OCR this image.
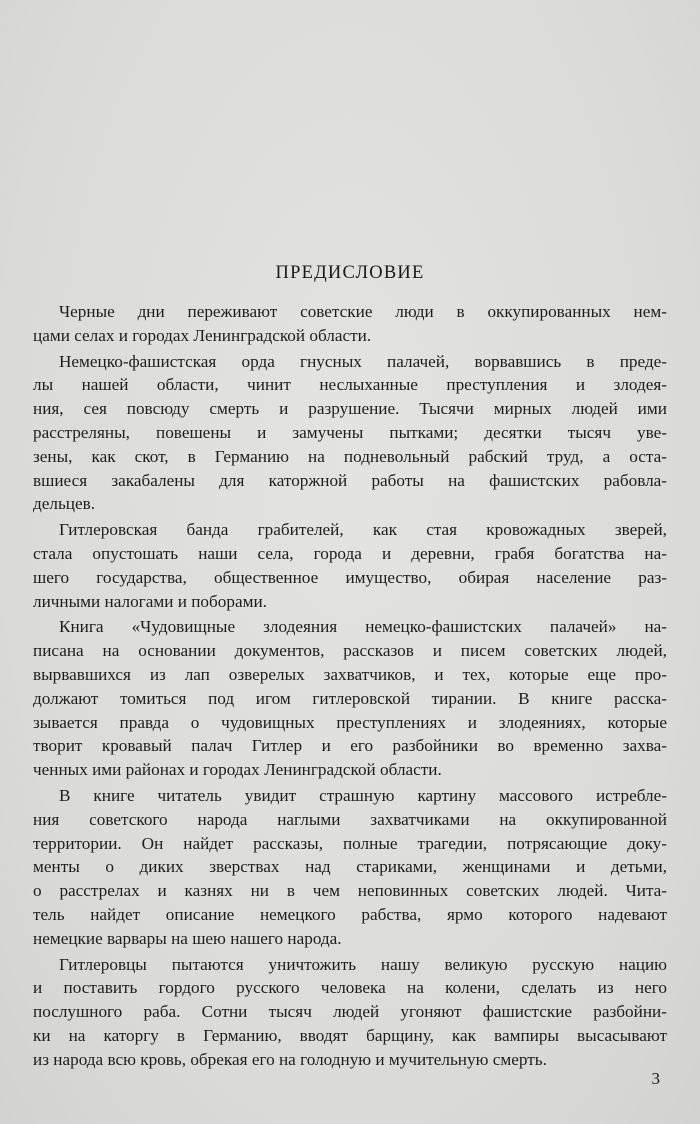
ПРЕДИСЛОВИЕ
Черные дни переживают советские люди в оккупированных нем-
цами селах и городах Ленинградской области.
Немецко-фашистская орда гнусных палачей, ворвавшись в преде-
лы нашей области, чинит неслыханные преступления и злодея-
ния, сея повсюду смерть и разрушение. Тысячи мирных людей ими
расстреляны, повешены и замучены пытками; десятки тысяч уве-
зены, как скот, в Германию на подневольный рабский труд, а оста-
вшиеся закабалены для каторжной работы на фашистских рабовла-
дельцев.
Гитлеровская банда грабителей, как стая кровожадных зверей,
стала опустошать наши села, города и деревни, грабя богатства на-
шего государства, общественное имущество, обирая население раз-
личными налогами и поборами.
Книга «Чудовищные злодеяния немецко-фашистских палачей» на-
писана на основании документов, рассказов и писем советских людей,
вырвавшихся из лап озверелых захватчиков, и тех, которые еще про-
должают томиться под игом гитлеровской тирании. В книге расска-
зывается правда о чудовищных преступлениях и злодеяниях, которые
творит кровавый палач Гитлер и его разбойники во временно захва-
ченных ими районах и городах Ленинградской области.
В книге читатель увидит страшную картину массового истребле-
ния советского народа наглыми захватчиками на оккупированной
территории. Он найдет рассказы, полные трагедии, потрясающие доку-
менты о диких зверствах над стариками, женщинами и детьми,
о расстрелах и казнях ни в чем неповинных советских людей. Чита-
тель найдет описание немецкого рабства, ярмо которого надевают
немецкие варвары на шею нашего народа.
Гитлеровцы пытаются уничтожить нашу великую русскую нацию
и поставить гордого русского человека на колени, сделать из него
послушного раба. Сотни тысяч людей угоняют фашистские разбойни-
ки на каторгу в Германию, вводят барщину, как вампиры высасывают
из народа всю кровь, обрекая его на голодную и мучительную смерть.
3
